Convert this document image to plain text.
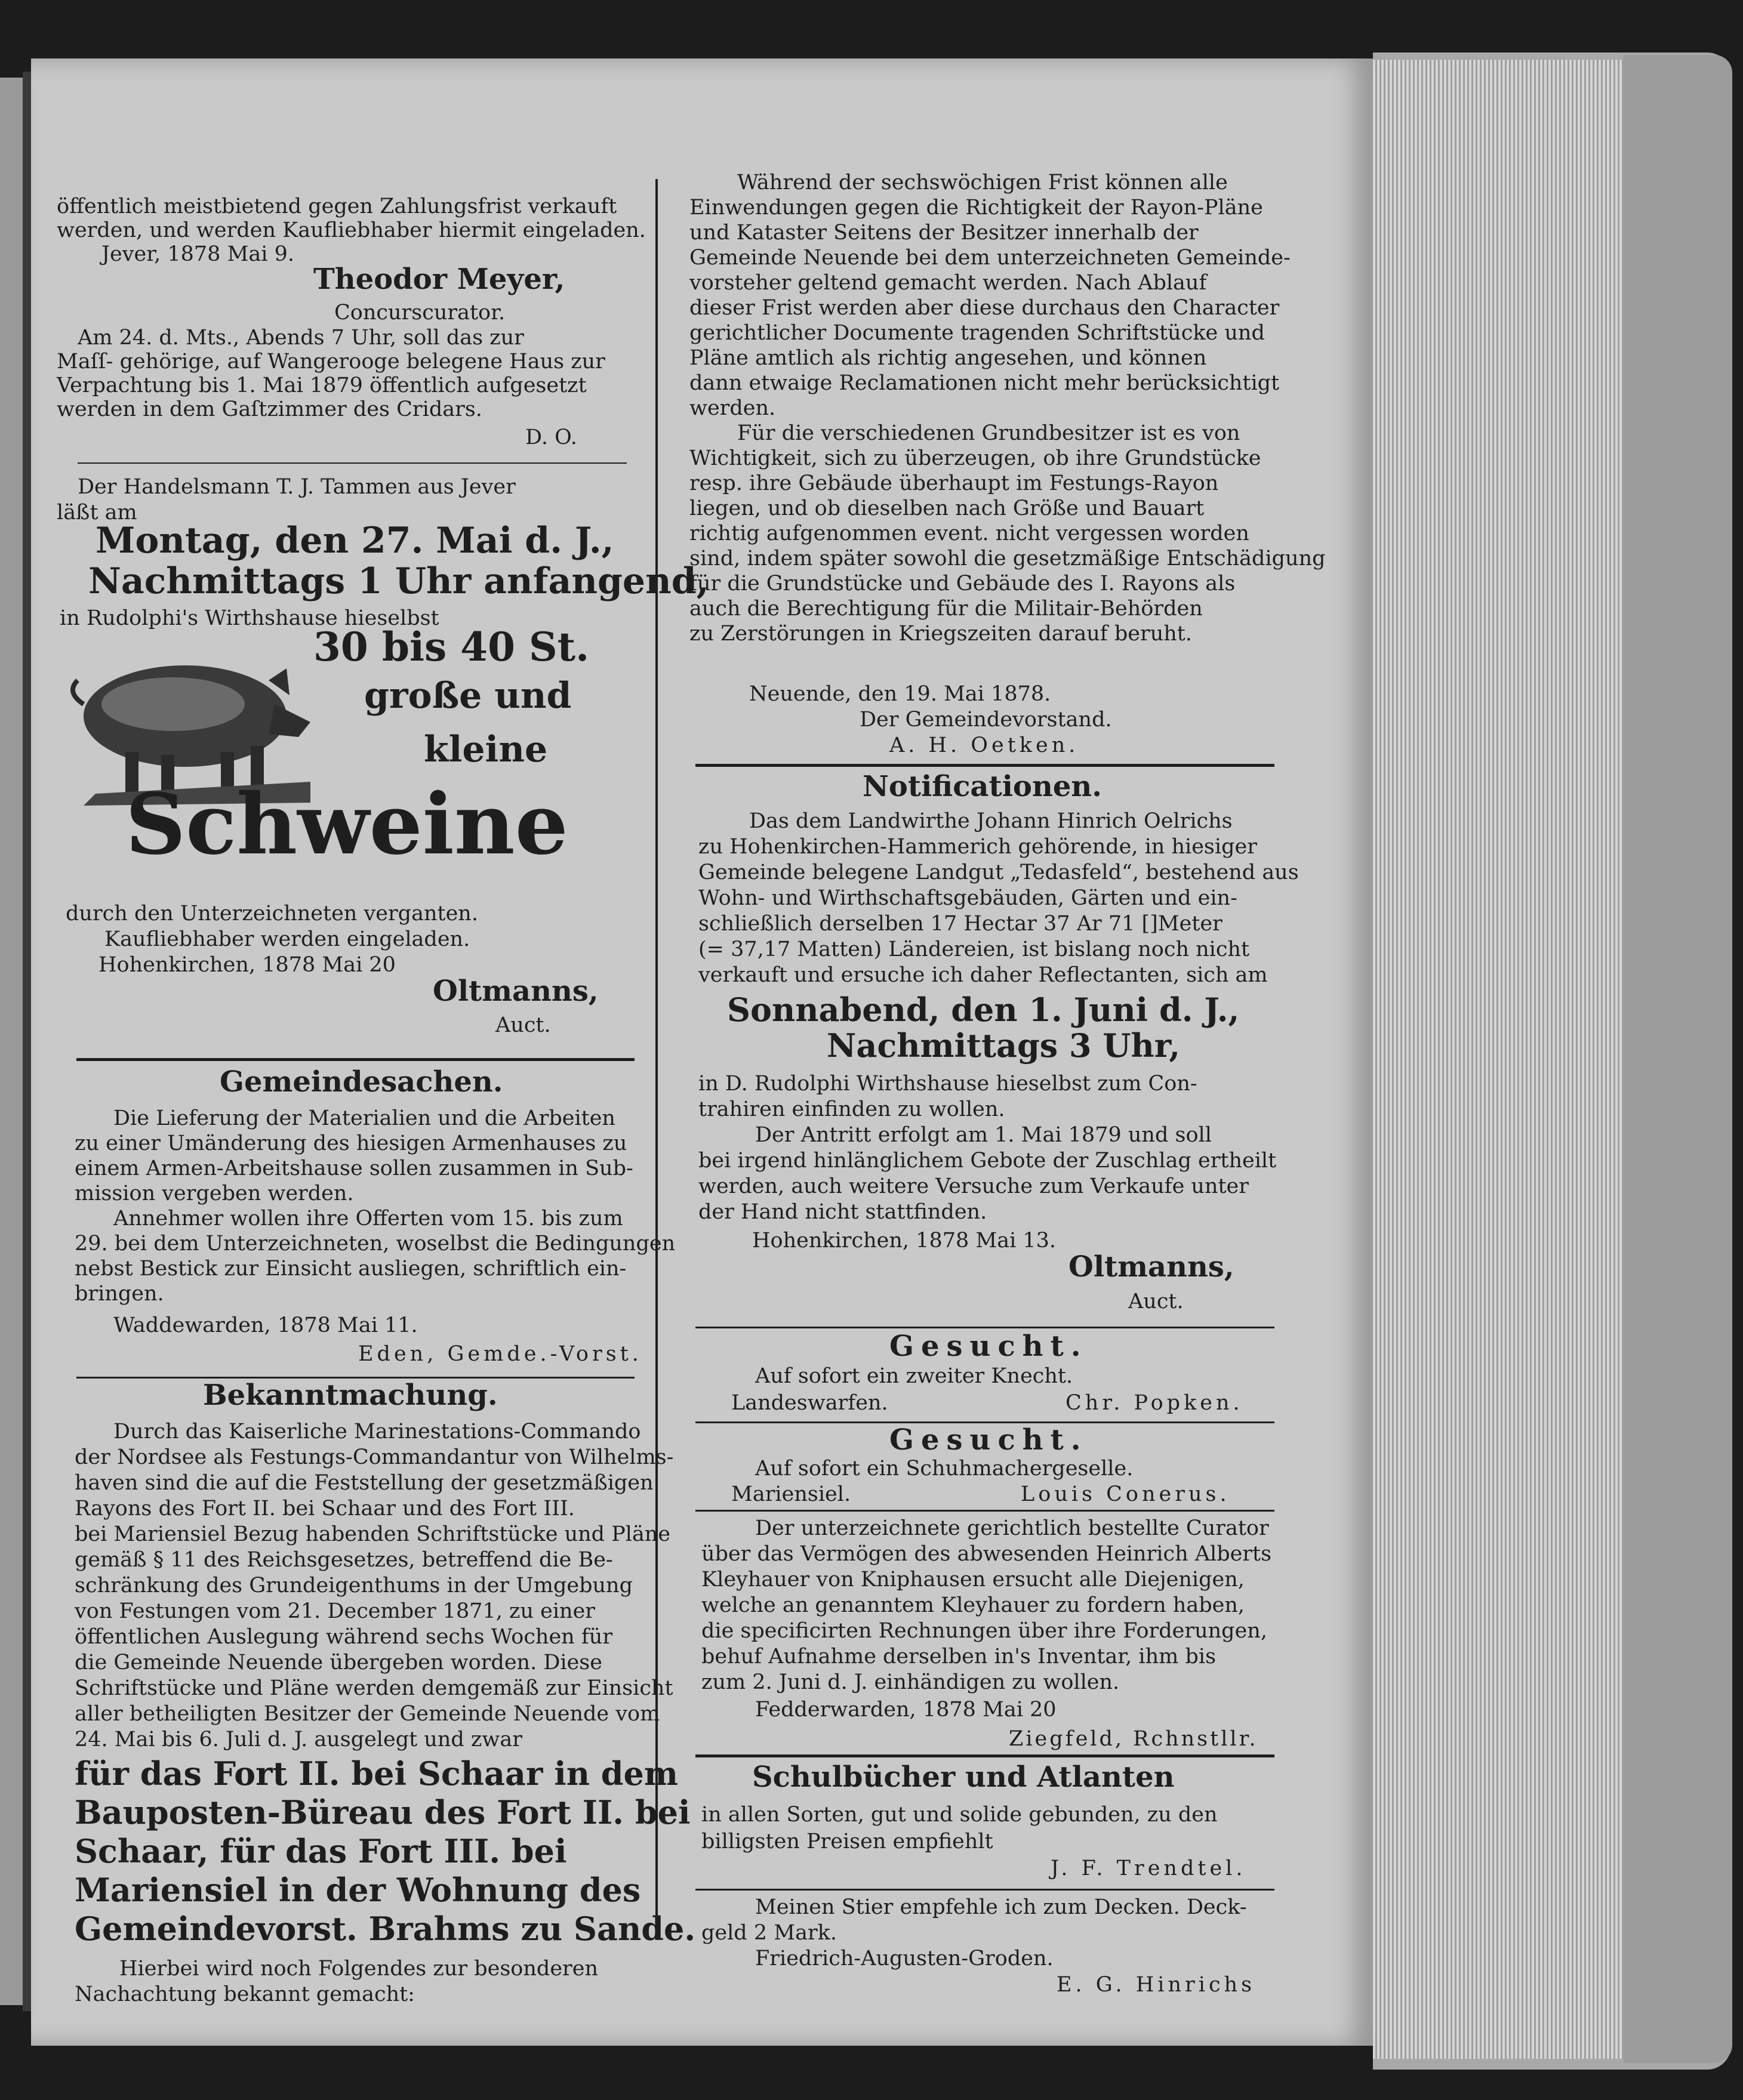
öffentlich meistbietend gegen Zahlungsfrist verkauft
werden, und werden Kaufliebhaber hiermit eingeladen.
Jever, 1878 Mai 9.
Theodor Meyer,
Concurscurator.
Am 24. d. Mts., Abends 7 Uhr, soll das zur
Maſſ- gehörige, auf Wangerooge belegene Haus zur
Verpachtung bis 1. Mai 1879 öffentlich aufgesetzt
werden in dem Gaſtzimmer des Cridars.
D. O.
Der Handelsmann T. J. Tammen aus Jever
läßt am
Montag, den 27. Mai d. J.,
Nachmittags 1 Uhr anfangend,
in Rudolphi's Wirthshause hieselbst
30 bis 40 St.
große und
kleine
Schweine
durch den Unterzeichneten verganten.
Kaufliebhaber werden eingeladen.
Hohenkirchen, 1878 Mai 20
Oltmanns,
Auct.
Gemeindesachen.
Die Lieferung der Materialien und die Arbeiten
zu einer Umänderung des hiesigen Armenhauses zu
einem Armen-Arbeitshause sollen zusammen in Sub-
mission vergeben werden.
Annehmer wollen ihre Offerten vom 15. bis zum
29. bei dem Unterzeichneten, woselbst die Bedingungen
nebst Bestick zur Einsicht ausliegen, schriftlich ein-
bringen.
Waddewarden, 1878 Mai 11.
Eden, Gemde.-Vorst.
Bekanntmachung.
Durch das Kaiserliche Marinestations-Commando
der Nordsee als Festungs-Commandantur von Wilhelms-
haven sind die auf die Feststellung der gesetzmäßigen
Rayons des Fort II. bei Schaar und des Fort III.
bei Mariensiel Bezug habenden Schriftstücke und Pläne
gemäß § 11 des Reichsgesetzes, betreffend die Be-
schränkung des Grundeigenthums in der Umgebung
von Festungen vom 21. December 1871, zu einer
öffentlichen Auslegung während sechs Wochen für
die Gemeinde Neuende übergeben worden. Diese
Schriftstücke und Pläne werden demgemäß zur Einsicht
aller betheiligten Besitzer der Gemeinde Neuende vom
24. Mai bis 6. Juli d. J. ausgelegt und zwar
für das Fort II. bei Schaar in dem
Bauposten-Büreau des Fort II. bei
Schaar, für das Fort III. bei
Mariensiel in der Wohnung des
Gemeindevorst. Brahms zu Sande.
Hierbei wird noch Folgendes zur besonderen
Nachachtung bekannt gemacht:
Während der sechswöchigen Frist können alle
Einwendungen gegen die Richtigkeit der Rayon-Pläne
und Kataster Seitens der Besitzer innerhalb der
Gemeinde Neuende bei dem unterzeichneten Gemeinde-
vorsteher geltend gemacht werden. Nach Ablauf
dieser Frist werden aber diese durchaus den Character
gerichtlicher Documente tragenden Schriftstücke und
Pläne amtlich als richtig angesehen, und können
dann etwaige Reclamationen nicht mehr berücksichtigt
werden.
Für die verschiedenen Grundbesitzer ist es von
Wichtigkeit, sich zu überzeugen, ob ihre Grundstücke
resp. ihre Gebäude überhaupt im Festungs-Rayon
liegen, und ob dieselben nach Größe und Bauart
richtig aufgenommen event. nicht vergessen worden
sind, indem später sowohl die gesetzmäßige Entschädigung
für die Grundstücke und Gebäude des I. Rayons als
auch die Berechtigung für die Militair-Behörden
zu Zerstörungen in Kriegszeiten darauf beruht.
Neuende, den 19. Mai 1878.
Der Gemeindevorstand.
A. H. Oetken.
Notificationen.
Das dem Landwirthe Johann Hinrich Oelrichs
zu Hohenkirchen-Hammerich gehörende, in hiesiger
Gemeinde belegene Landgut „Tedasfeld“, bestehend aus
Wohn- und Wirthschaftsgebäuden, Gärten und ein-
schließlich derselben 17 Hectar 37 Ar 71 []Meter
(= 37,17 Matten) Ländereien, ist bislang noch nicht
verkauft und ersuche ich daher Reflectanten, sich am
Sonnabend, den 1. Juni d. J.,
Nachmittags 3 Uhr,
in D. Rudolphi Wirthshause hieselbst zum Con-
trahiren einfinden zu wollen.
Der Antritt erfolgt am 1. Mai 1879 und soll
bei irgend hinlänglichem Gebote der Zuschlag ertheilt
werden, auch weitere Versuche zum Verkaufe unter
der Hand nicht stattfinden.
Hohenkirchen, 1878 Mai 13.
Oltmanns,
Auct.
Gesucht.
Auf sofort ein zweiter Knecht.
Landeswarfen.	Chr. Popken.
Gesucht.
Auf sofort ein Schuhmachergeselle.
Mariensiel.	Louis Conerus.
Der unterzeichnete gerichtlich bestellte Curator
über das Vermögen des abwesenden Heinrich Alberts
Kleyhauer von Kniphausen ersucht alle Diejenigen,
welche an genanntem Kleyhauer zu fordern haben,
die specificirten Rechnungen über ihre Forderungen,
behuf Aufnahme derselben in's Inventar, ihm bis
zum 2. Juni d. J. einhändigen zu wollen.
Fedderwarden, 1878 Mai 20
Ziegfeld, Rchnstllr.
Schulbücher und Atlanten
in allen Sorten, gut und solide gebunden, zu den
billigsten Preisen empfiehlt
J. F. Trendtel.
Meinen Stier empfehle ich zum Decken. Deck-
geld 2 Mark.
Friedrich-Augusten-Groden.
E. G. Hinrichs
